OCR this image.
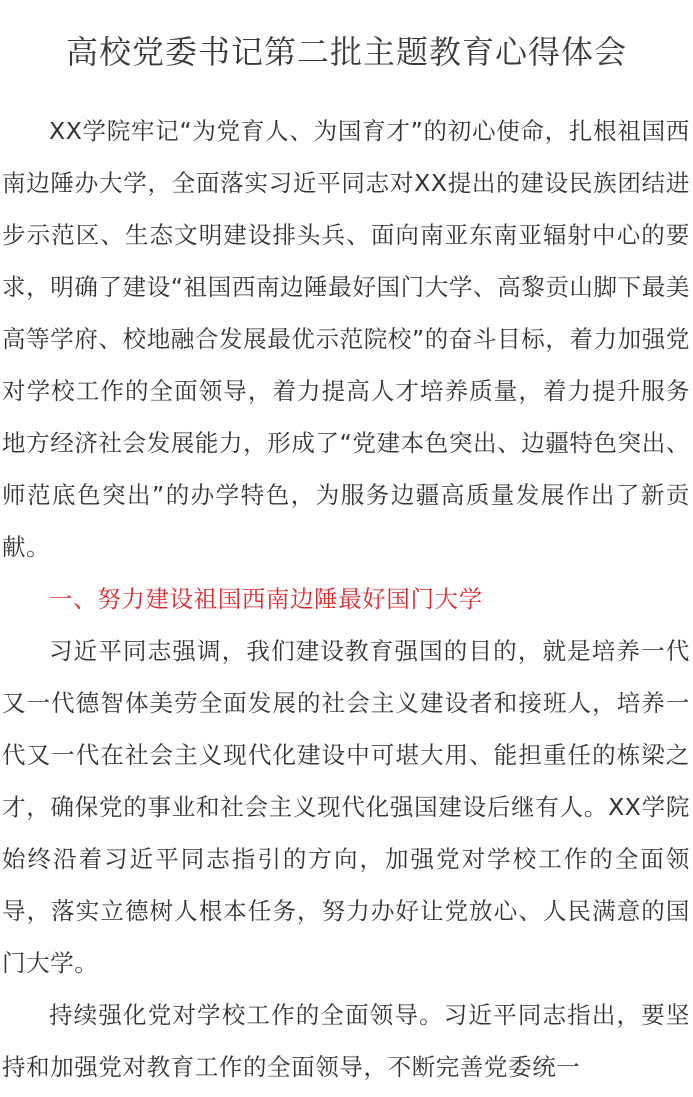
高校党委书记第二批主题教育心得体会

XX学院牢记“为党育人、为国育才”的初心使命，扎根祖国西南边陲办大学，全面落实习近平同志对XX提出的建设民族团结进步示范区、生态文明建设排头兵、面向南亚东南亚辐射中心的要求，明确了建设“祖国西南边陲最好国门大学、高黎贡山脚下最美高等学府、校地融合发展最优示范院校”的奋斗目标，着力加强党对学校工作的全面领导，着力提高人才培养质量，着力提升服务地方经济社会发展能力，形成了“党建本色突出、边疆特色突出、师范底色突出”的办学特色，为服务边疆高质量发展作出了新贡献。

一、努力建设祖国西南边陲最好国门大学

习近平同志强调，我们建设教育强国的目的，就是培养一代又一代德智体美劳全面发展的社会主义建设者和接班人，培养一代又一代在社会主义现代化建设中可堪大用、能担重任的栋梁之才，确保党的事业和社会主义现代化强国建设后继有人。XX学院始终沿着习近平同志指引的方向，加强党对学校工作的全面领导，落实立德树人根本任务，努力办好让党放心、人民满意的国门大学。

持续强化党对学校工作的全面领导。习近平同志指出，要坚持和加强党对教育工作的全面领导，不断完善党委统一
